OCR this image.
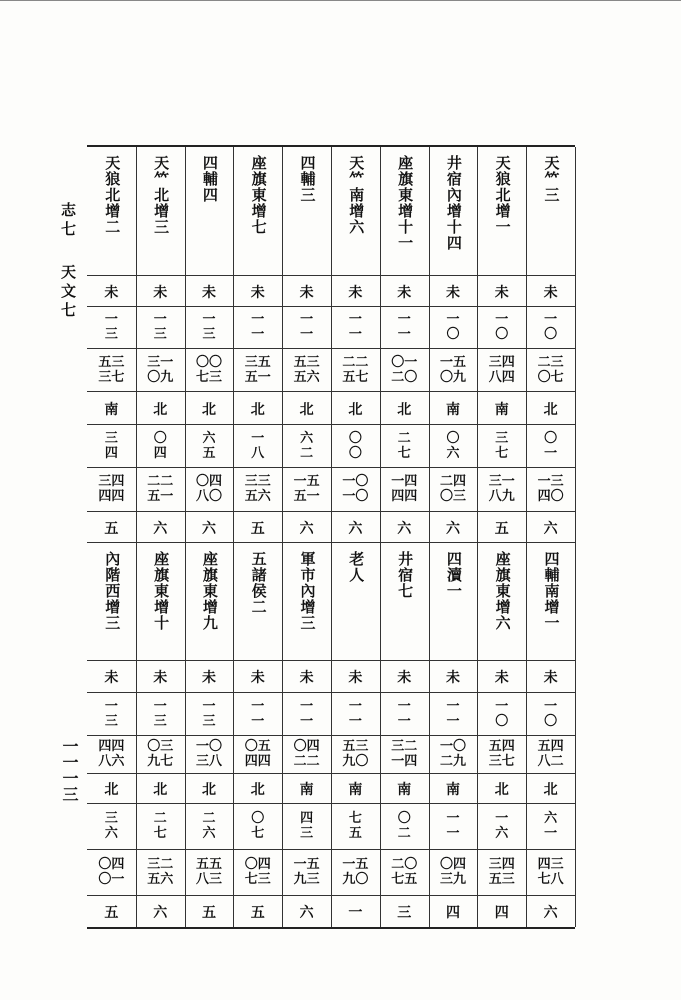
志七
天文七
一一一三
天狼北增二
未
一
三
五三
三七
南
三
四
三四
四四
五
內階西增三
未
一
三
四四
八六
北
三
六
〇四
〇一
五
天𥫗北增三
未
一
三
三一
〇九
北
〇
四
二二
五一
六
座旗東增十
未
一
三
〇三
九七
北
二
七
三二
五六
六
四輔四
未
一
三
〇〇
七三
北
六
五
〇四
八〇
六
座旗東增九
未
一
三
一〇
三八
北
二
六
五五
八三
五
座旗東增七
未
一
一
三五
五一
北
一
八
三三
五六
五
五諸侯二
未
一
一
〇五
四四
北
〇
七
〇四
七三
五
四輔三
未
一
一
五三
五六
北
六
二
一五
五一
六
軍市內增三
未
一
一
〇四
二二
南
四
三
一五
九三
六
天𥫗南增六
未
一
一
二二
五七
北
〇
〇
一〇
一〇
六
老人
未
一
一
五三
九〇
南
七
五
一五
九〇
一
座旗東增十一
未
一
一
〇一
二〇
北
二
七
一四
四四
六
井宿七
未
一
一
三二
一四
南
〇
二
二〇
七五
三
井宿內增十四
未
一
〇
一五
〇九
南
〇
六
二四
〇三
六
四瀆一
未
一
一
一〇
二九
南
一
一
〇四
三九
四
天狼北增一
未
一
〇
三四
八四
南
三
七
三一
八九
五
座旗東增六
未
一
〇
五四
三七
北
一
六
三四
五三
四
天𥫗三
未
一
〇
二三
〇七
北
〇
一
一三
四〇
六
四輔南增一
未
一
〇
五四
八二
北
六
一
四三
七八
六
